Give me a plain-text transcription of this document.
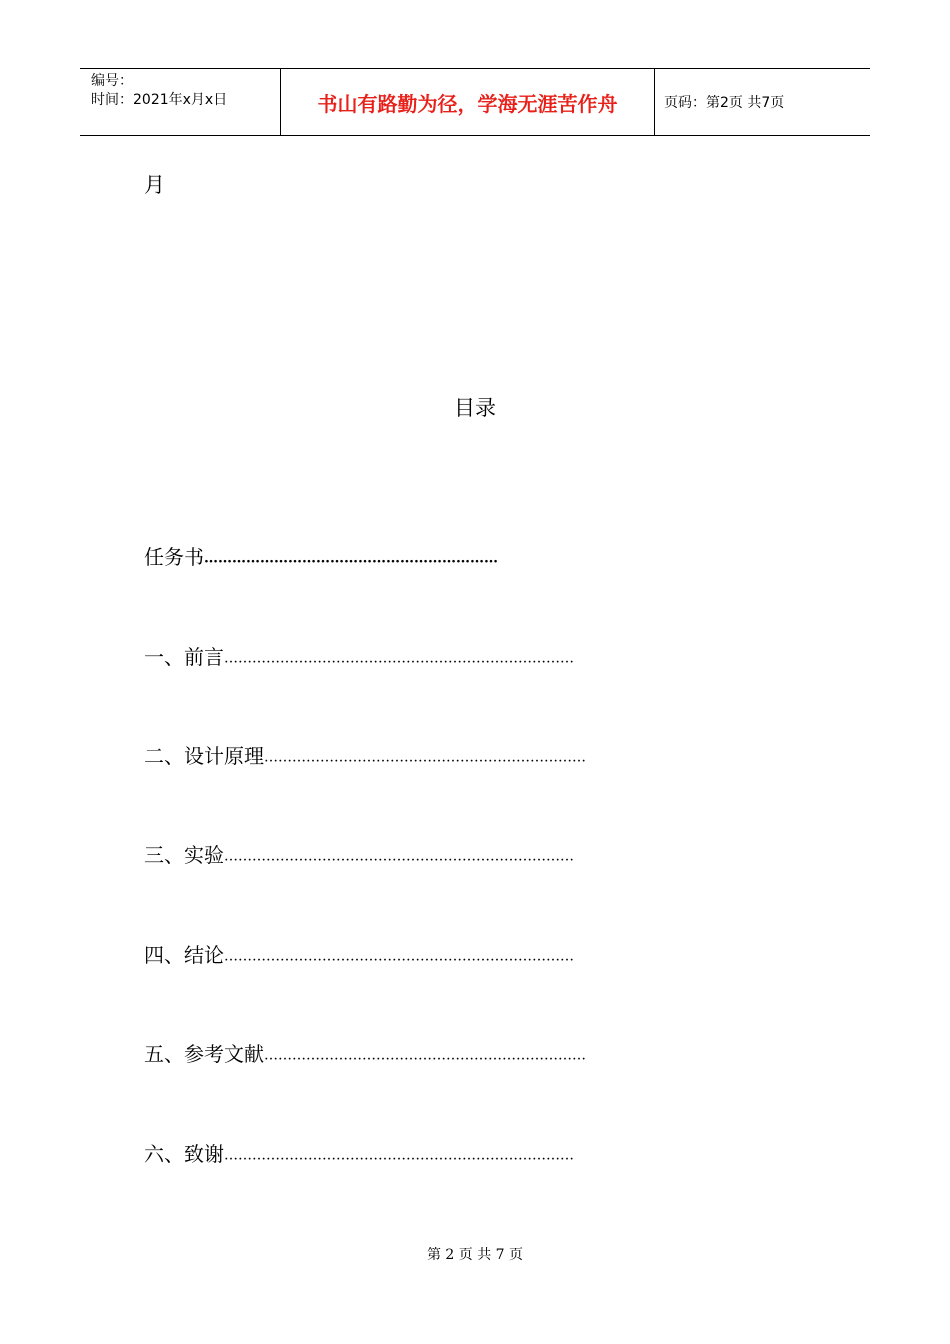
编号：
时间：2021年x月x日	书山有路勤为径，学海无涯苦作舟	页码：第2页 共7页
月
目录
任务书………………………………………………………
一、前言…………………………………………………………………
二、设计原理……………………………………………………………
三、实验…………………………………………………………………
四、结论…………………………………………………………………
五、参考文献……………………………………………………………
六、致谢…………………………………………………………………
第 2 页 共 7 页
